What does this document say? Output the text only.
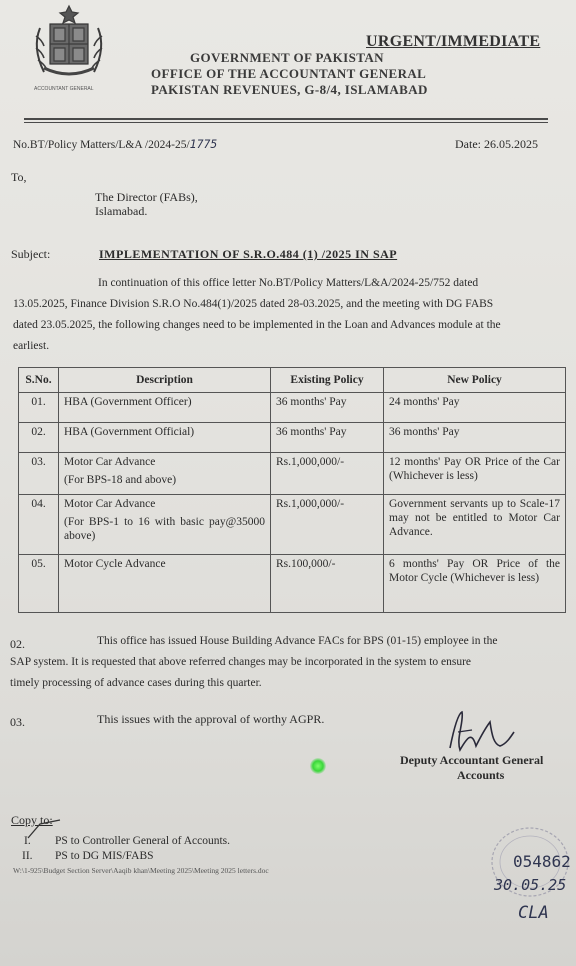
ACCOUNTANT GENERAL
URGENT/IMMEDIATE
GOVERNMENT OF PAKISTAN
OFFICE OF THE ACCOUNTANT GENERAL
PAKISTAN REVENUES, G-8/4, ISLAMABAD
No.BT/Policy Matters/L&A /2024-25/1775	Date: 26.05.2025
To,
The Director (FABs),
Islamabad.
Subject:	IMPLEMENTATION OF S.R.O.484 (1) /2025 IN SAP
In continuation of this office letter No.BT/Policy Matters/L&A/2024-25/752 dated
13.05.2025, Finance Division S.R.O No.484(1)/2025 dated 28-03.2025, and the meeting with DG FABS
dated 23.05.2025, the following changes need to be implemented in the Loan and Advances module at the
earliest.
S.No.	Description	Existing Policy	New Policy
01.	HBA (Government Officer)	36 months' Pay	24 months' Pay
02.	HBA (Government Official)	36 months' Pay	36 months' Pay
03.	Motor Car Advance
(For BPS-18 and above)	Rs.1,000,000/-	12 months' Pay OR Price of the Car (Whichever is less)
04.	Motor Car Advance
(For BPS-1 to 16 with basic pay@35000 above)	Rs.1,000,000/-	Government servants up to Scale-17 may not be entitled to Motor Car Advance.
05.	Motor Cycle Advance	Rs.100,000/-	6 months' Pay OR Price of the Motor Cycle (Whichever is less)
02.	This office has issued House Building Advance FACs for BPS (01-15) employee in the
SAP system. It is requested that above referred changes may be incorporated in the system to ensure
timely processing of advance cases during this quarter.
03.	This issues with the approval of worthy AGPR.
Deputy Accountant General
Accounts
Copy to:
I. PS to Controller General of Accounts.
II. PS to DG MIS/FABS
W:\1-925\Budget Section Server\Aaqib khan\Meeting 2025\Meeting 2025 letters.doc	054862
30.05.25
CLA
